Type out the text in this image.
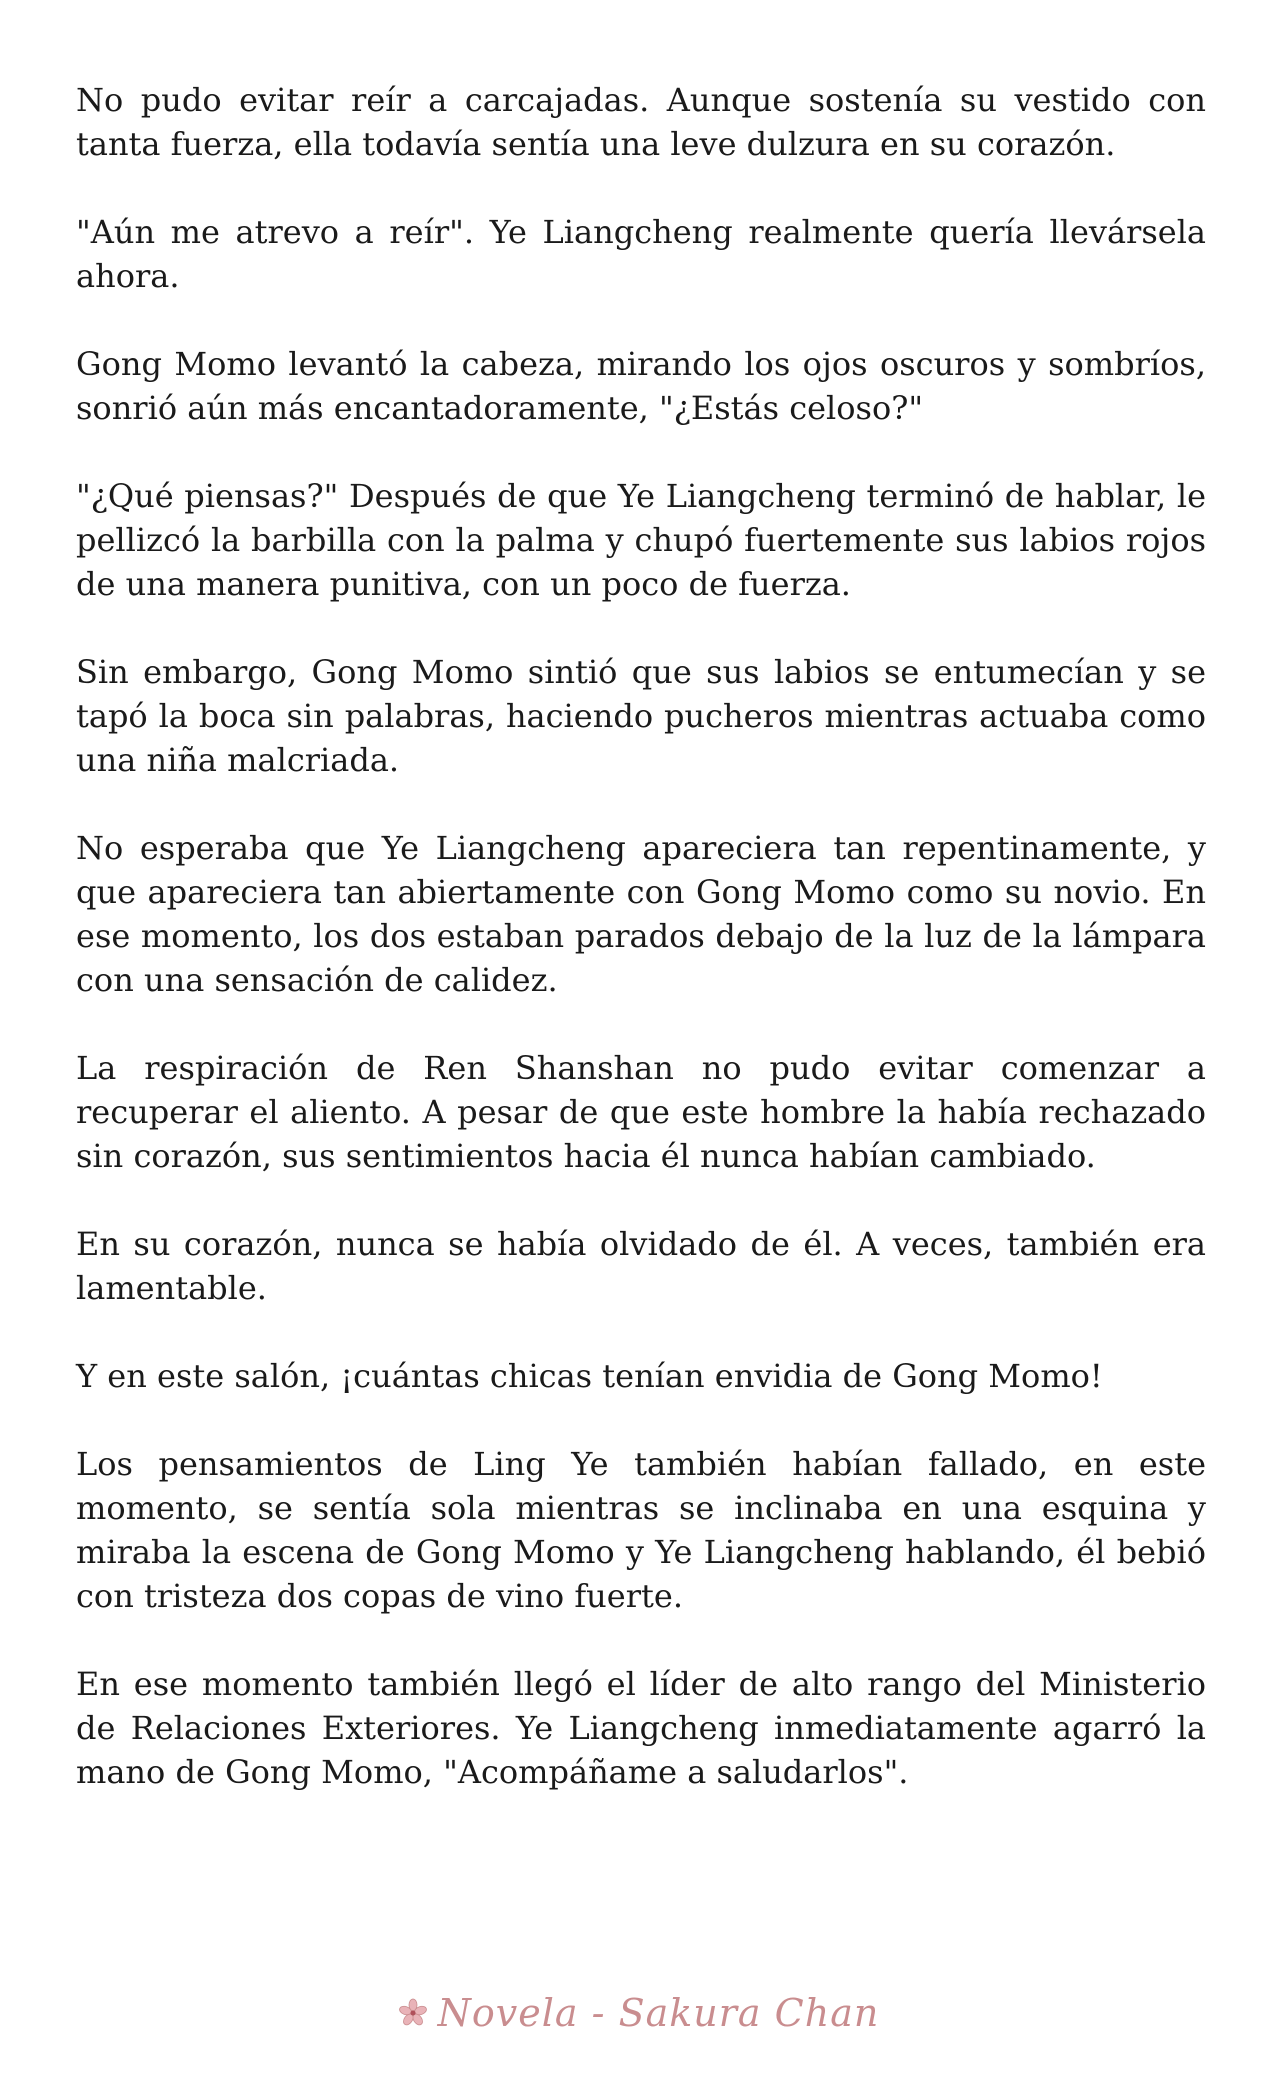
No pudo evitar reír a carcajadas. Aunque sostenía su vestido con tanta fuerza, ella todavía sentía una leve dulzura en su corazón.

"Aún me atrevo a reír". Ye Liangcheng realmente quería llevársela ahora.

Gong Momo levantó la cabeza, mirando los ojos oscuros y sombríos, sonrió aún más encantadoramente, "¿Estás celoso?"

"¿Qué piensas?" Después de que Ye Liangcheng terminó de hablar, le pellizcó la barbilla con la palma y chupó fuertemente sus labios rojos de una manera punitiva, con un poco de fuerza.

Sin embargo, Gong Momo sintió que sus labios se entumecían y se tapó la boca sin palabras, haciendo pucheros mientras actuaba como una niña malcriada.

No esperaba que Ye Liangcheng apareciera tan repentinamente, y que apareciera tan abiertamente con Gong Momo como su novio. En ese momento, los dos estaban parados debajo de la luz de la lámpara con una sensación de calidez.

La respiración de Ren Shanshan no pudo evitar comenzar a recuperar el aliento. A pesar de que este hombre la había rechazado sin corazón, sus sentimientos hacia él nunca habían cambiado.

En su corazón, nunca se había olvidado de él. A veces, también era lamentable.

Y en este salón, ¡cuántas chicas tenían envidia de Gong Momo!

Los pensamientos de Ling Ye también habían fallado, en este momento, se sentía sola mientras se inclinaba en una esquina y miraba la escena de Gong Momo y Ye Liangcheng hablando, él bebió con tristeza dos copas de vino fuerte.

En ese momento también llegó el líder de alto rango del Ministerio de Relaciones Exteriores. Ye Liangcheng inmediatamente agarró la mano de Gong Momo, "Acompáñame a saludarlos".

Novela - Sakura Chan
